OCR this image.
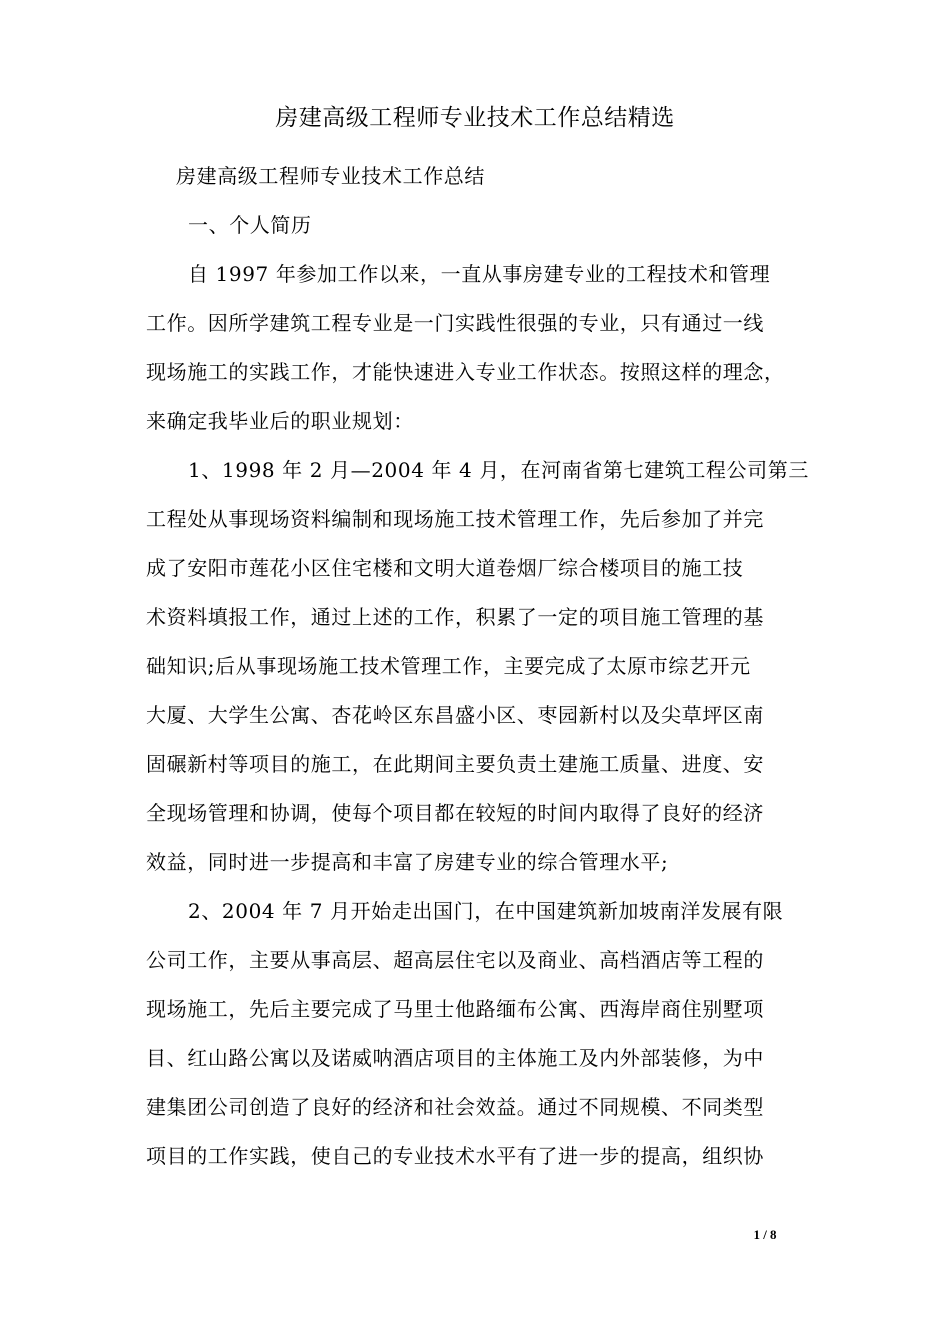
房建高级工程师专业技术工作总结精选
房建高级工程师专业技术工作总结
一、个人简历
自 1997 年参加工作以来，一直从事房建专业的工程技术和管理
工作。因所学建筑工程专业是一门实践性很强的专业，只有通过一线
现场施工的实践工作，才能快速进入专业工作状态。按照这样的理念，
来确定我毕业后的职业规划：
1、1998 年 2 月—2004 年 4 月，在河南省第七建筑工程公司第三
工程处从事现场资料编制和现场施工技术管理工作，先后参加了并完
成了安阳市莲花小区住宅楼和文明大道卷烟厂综合楼项目的施工技
术资料填报工作，通过上述的工作，积累了一定的项目施工管理的基
础知识;后从事现场施工技术管理工作，主要完成了太原市综艺开元
大厦、大学生公寓、杏花岭区东昌盛小区、枣园新村以及尖草坪区南
固碾新村等项目的施工，在此期间主要负责土建施工质量、进度、安
全现场管理和协调，使每个项目都在较短的时间内取得了良好的经济
效益，同时进一步提高和丰富了房建专业的综合管理水平;
2、2004 年 7 月开始走出国门，在中国建筑新加坡南洋发展有限
公司工作，主要从事高层、超高层住宅以及商业、高档酒店等工程的
现场施工，先后主要完成了马里士他路缅布公寓、西海岸商住别墅项
目、红山路公寓以及诺威呐酒店项目的主体施工及内外部装修，为中
建集团公司创造了良好的经济和社会效益。通过不同规模、不同类型
项目的工作实践，使自己的专业技术水平有了进一步的提高，组织协
1 / 8
